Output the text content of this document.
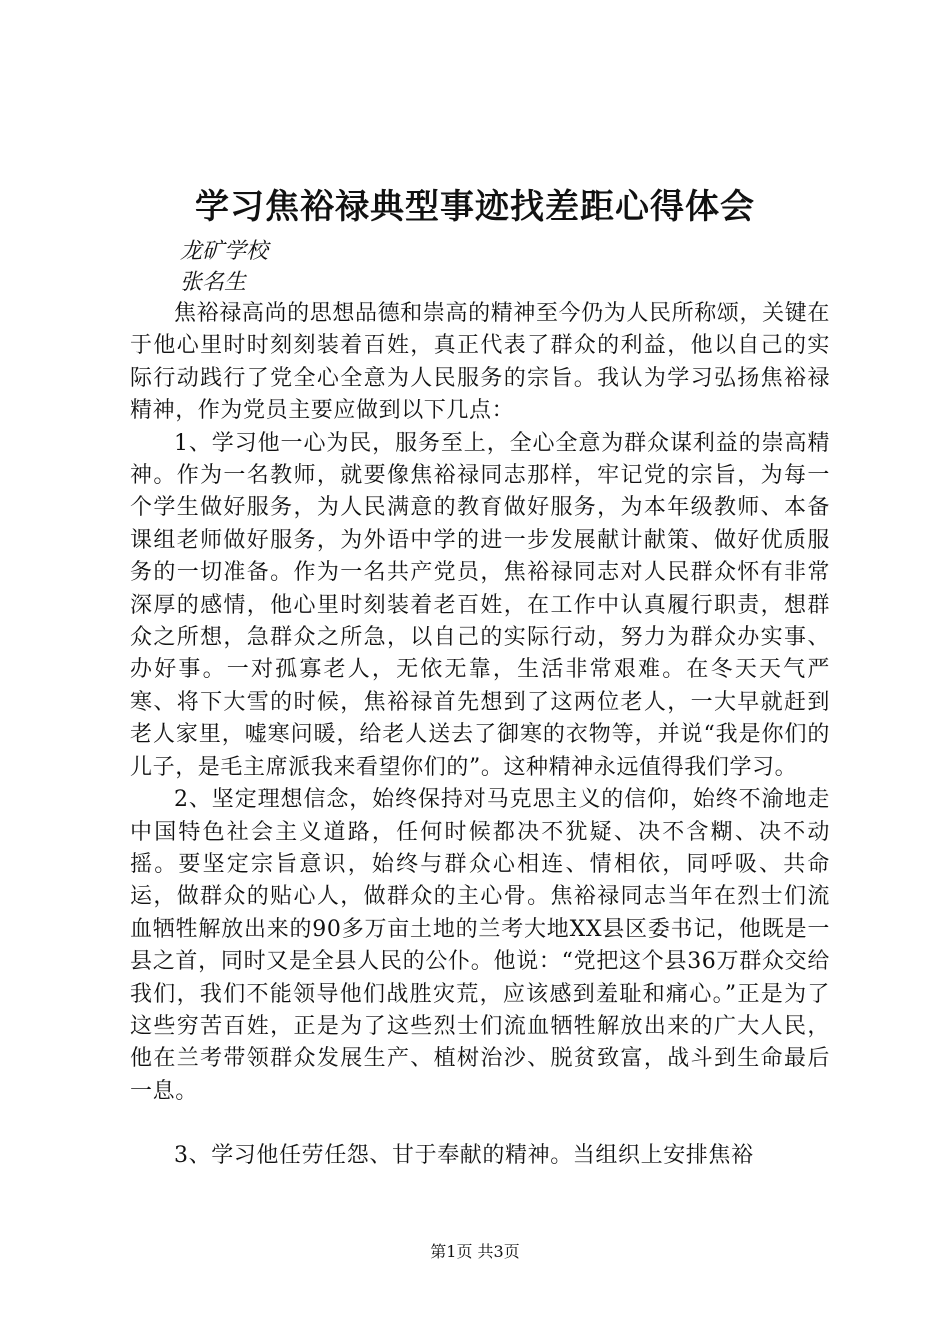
学习焦裕禄典型事迹找差距心得体会

龙矿学校

张名生

焦裕禄高尚的思想品德和崇高的精神至今仍为人民所称颂，关键在于他心里时时刻刻装着百姓，真正代表了群众的利益，他以自己的实际行动践行了党全心全意为人民服务的宗旨。我认为学习弘扬焦裕禄精神，作为党员主要应做到以下几点：

1、学习他一心为民，服务至上，全心全意为群众谋利益的崇高精神。作为一名教师，就要像焦裕禄同志那样，牢记党的宗旨，为每一个学生做好服务，为人民满意的教育做好服务，为本年级教师、本备课组老师做好服务，为外语中学的进一步发展献计献策、做好优质服务的一切准备。作为一名共产党员，焦裕禄同志对人民群众怀有非常深厚的感情，他心里时刻装着老百姓，在工作中认真履行职责，想群众之所想，急群众之所急，以自己的实际行动，努力为群众办实事、办好事。一对孤寡老人，无依无靠，生活非常艰难。在冬天天气严寒、将下大雪的时候，焦裕禄首先想到了这两位老人，一大早就赶到老人家里，嘘寒问暖，给老人送去了御寒的衣物等，并说“我是你们的儿子，是毛主席派我来看望你们的”。这种精神永远值得我们学习。

2、坚定理想信念，始终保持对马克思主义的信仰，始终不渝地走中国特色社会主义道路，任何时候都决不犹疑、决不含糊、决不动摇。要坚定宗旨意识，始终与群众心相连、情相依，同呼吸、共命运，做群众的贴心人，做群众的主心骨。焦裕禄同志当年在烈士们流血牺牲解放出来的90多万亩土地的兰考大地XX县区委书记，他既是一县之首，同时又是全县人民的公仆。他说：“党把这个县36万群众交给我们，我们不能领导他们战胜灾荒，应该感到羞耻和痛心。”正是为了这些穷苦百姓，正是为了这些烈士们流血牺牲解放出来的广大人民，他在兰考带领群众发展生产、植树治沙、脱贫致富，战斗到生命最后一息。

3、学习他任劳任怨、甘于奉献的精神。当组织上安排焦裕

第1页 共3页
